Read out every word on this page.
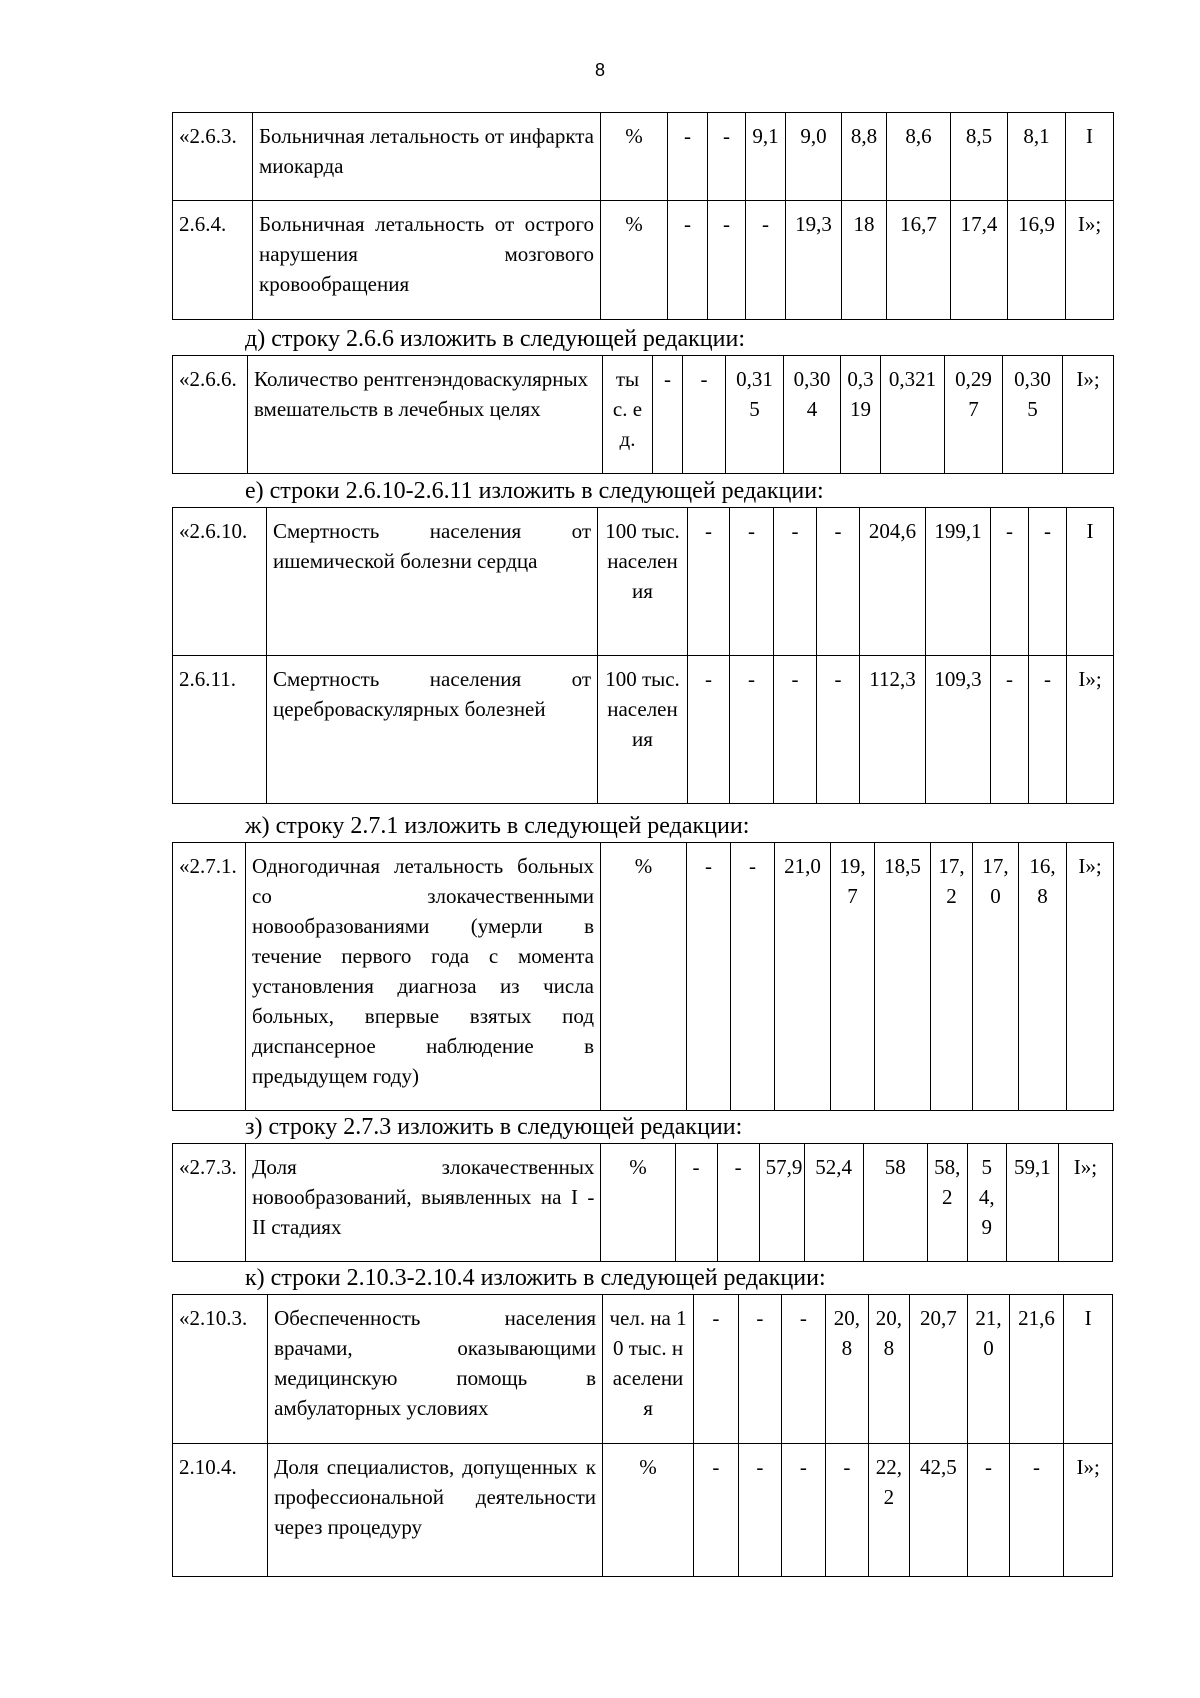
8
«2.6.3.	Больничная летальность от инфаркта миокарда	%	-	-	9,1	9,0	8,8	8,6	8,5	8,1	I
2.6.4.	Больничная летальность от острого нарушения мозгового кровообращения	%	-	-	-	19,3	18	16,7	17,4	16,9	I»;
д) строку 2.6.6 изложить в следующей редакции:
«2.6.6.	Количество рентгенэндоваскулярных вмешательств в лечебных целях	тыс. ед.	-	-	0,315	0,304	0,319	0,321	0,297	0,305	I»;
е) строки 2.6.10-2.6.11 изложить в следующей редакции:
«2.6.10.	Смертность населения от ишемической болезни сердца	100 тыс. населения	-	-	-	-	204,6	199,1	-	-	I
2.6.11.	Смертность населения от цереброваскулярных болезней	100 тыс. населения	-	-	-	-	112,3	109,3	-	-	I»;
ж) строку 2.7.1 изложить в следующей редакции:
«2.7.1.	Одногодичная летальность больных со злокачественными новообразованиями (умерли в течение первого года с момента установления диагноза из числа больных, впервые взятых под диспансерное наблюдение в предыдущем году)	%	-	-	21,0	19,7	18,5	17,2	17,0	16,8	I»;
з) строку 2.7.3 изложить в следующей редакции:
«2.7.3.	Доля злокачественных новообразований, выявленных на I - II стадиях	%	-	-	57,9	52,4	58	58,2	54,9	59,1	I»;
к) строки 2.10.3-2.10.4 изложить в следующей редакции:
«2.10.3.	Обеспеченность населения врачами, оказывающими медицинскую помощь в амбулаторных условиях	чел. на 10 тыс. населения	-	-	-	20,8	20,8	20,7	21,0	21,6	I
2.10.4.	Доля специалистов, допущенных к профессиональной деятельности через процедуру	%	-	-	-	-	22,2	42,5	-	-	I»;
